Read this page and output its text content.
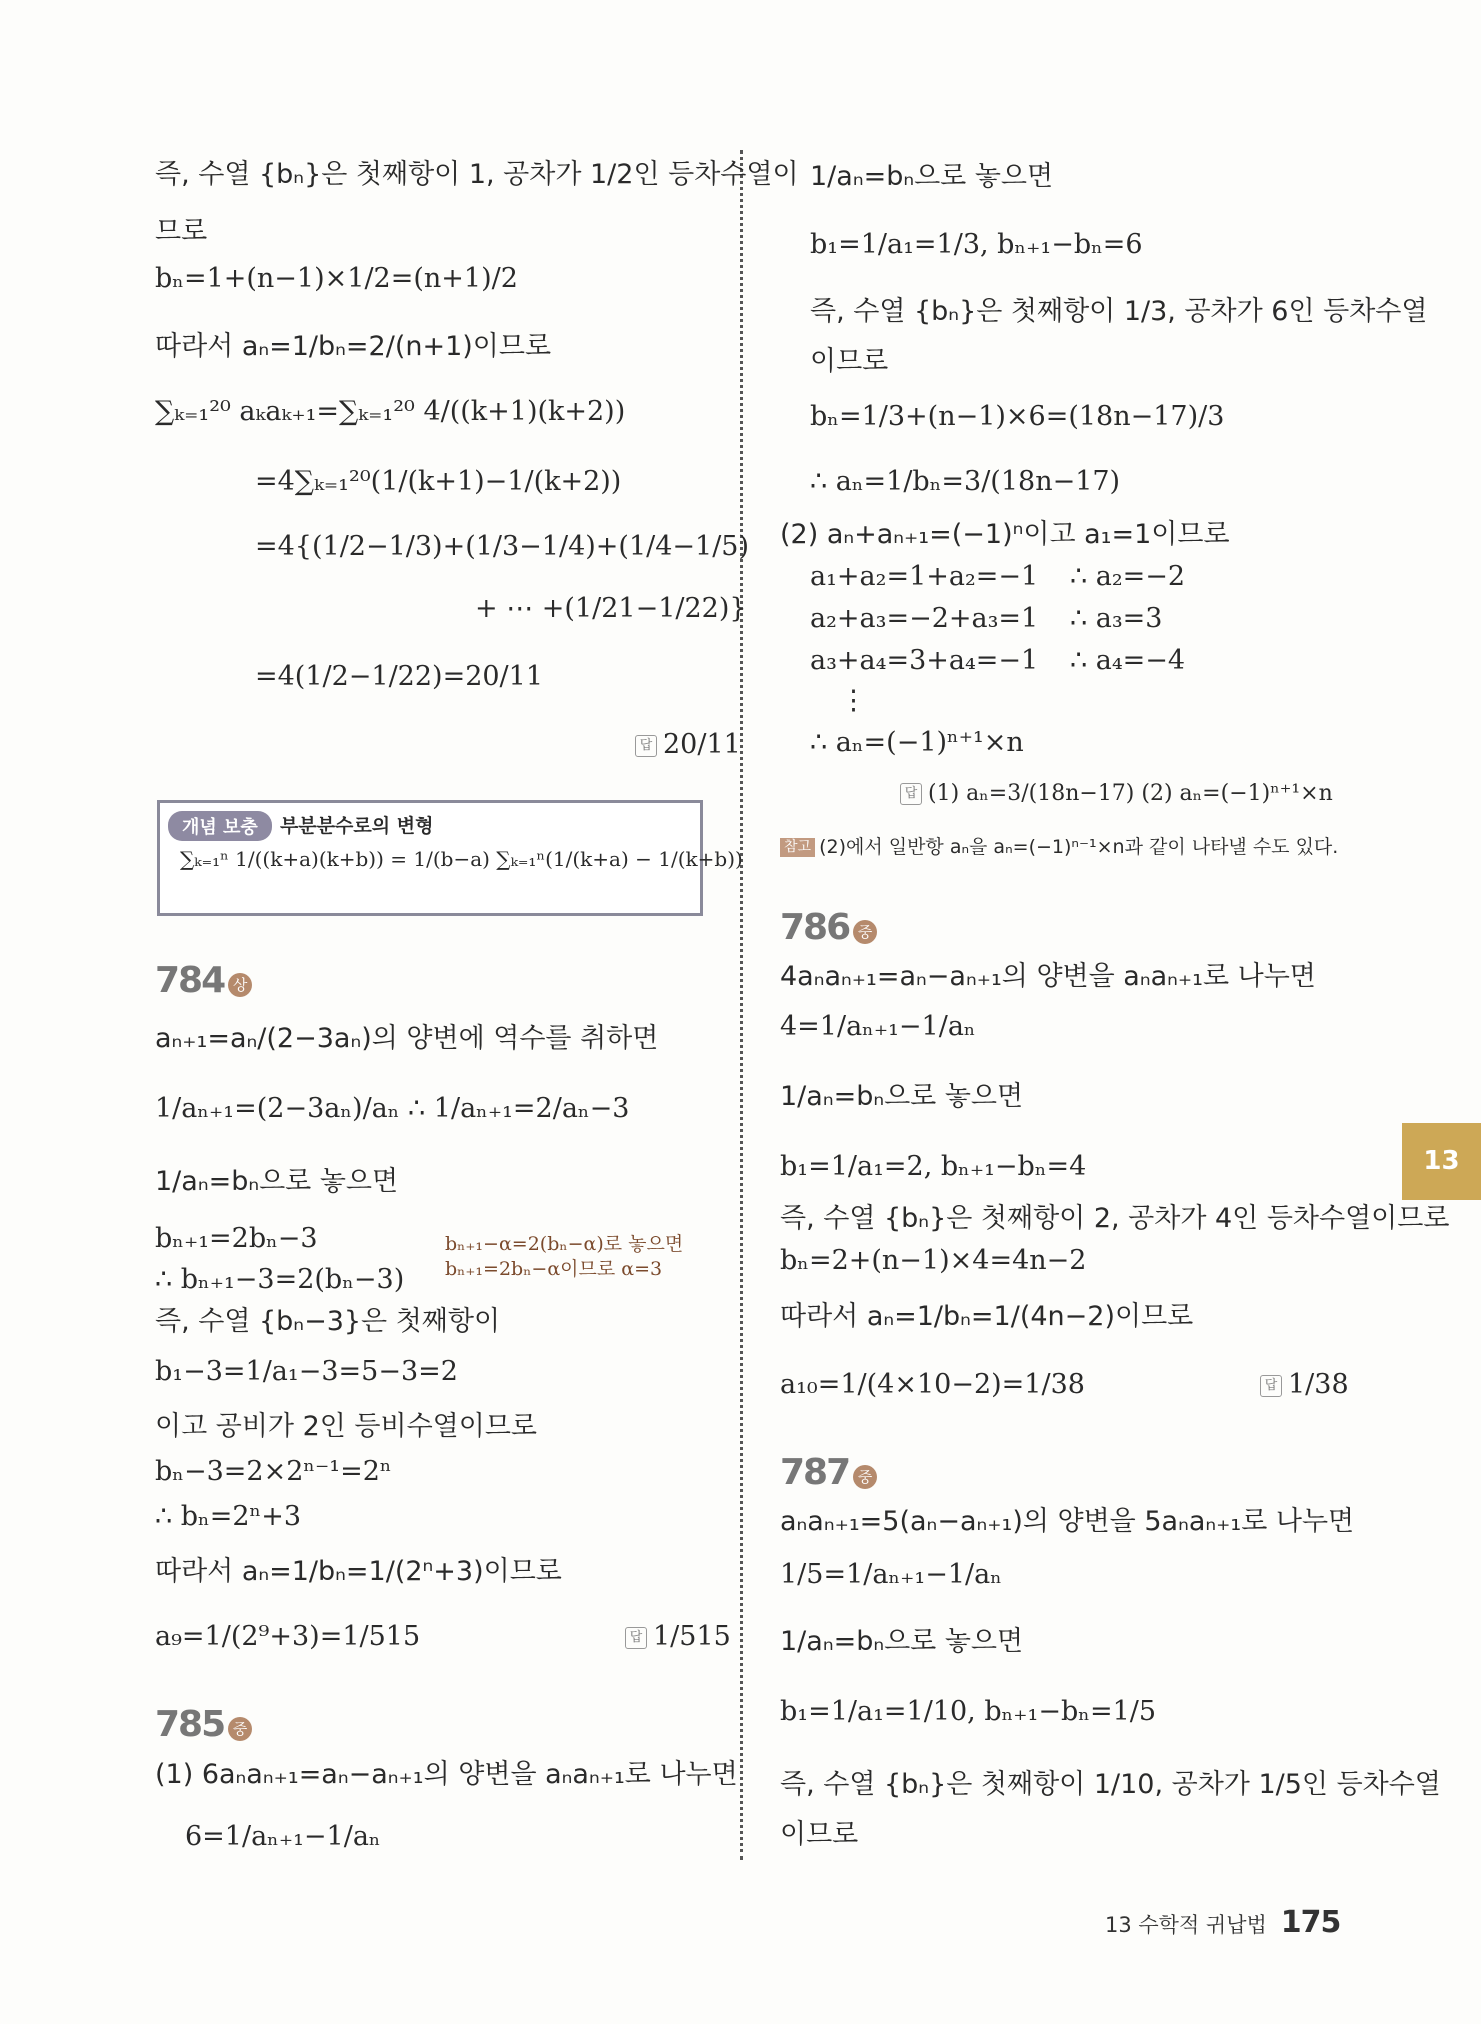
즉, 수열 {bₙ}은 첫째항이 1, 공차가 1/2인 등차수열이
므로
bₙ=1+(n−1)×1/2=(n+1)/2
따라서 aₙ=1/bₙ=2/(n+1)이므로
∑ₖ₌₁²⁰ aₖaₖ₊₁=∑ₖ₌₁²⁰ 4/((k+1)(k+2))
=4∑ₖ₌₁²⁰(1/(k+1)−1/(k+2))
=4{(1/2−1/3)+(1/3−1/4)+(1/4−1/5)
+ ⋯ +(1/21−1/22)}
=4(1/2−1/22)=20/11
답 20/11
784 상
aₙ₊₁=aₙ/(2−3aₙ)의 양변에 역수를 취하면
1/aₙ₊₁=(2−3aₙ)/aₙ ∴ 1/aₙ₊₁=2/aₙ−3
1/aₙ=bₙ으로 놓으면
bₙ₊₁=2bₙ−3
∴ bₙ₊₁−3=2(bₙ−3)
bₙ₊₁−α=2(bₙ−α)로 놓으면
bₙ₊₁=2bₙ−α이므로 α=3
즉, 수열 {bₙ−3}은 첫째항이
b₁−3=1/a₁−3=5−3=2
이고 공비가 2인 등비수열이므로
bₙ−3=2×2ⁿ⁻¹=2ⁿ
∴ bₙ=2ⁿ+3
따라서 aₙ=1/bₙ=1/(2ⁿ+3)이므로
a₉=1/(2⁹+3)=1/515	답 1/515
785 중
(1) 6aₙaₙ₊₁=aₙ−aₙ₊₁의 양변을 aₙaₙ₊₁로 나누면
6=1/aₙ₊₁−1/aₙ
개념 보충	부분분수로의 변형
∑ₖ₌₁ⁿ 1/((k+a)(k+b)) = 1/(b−a) ∑ₖ₌₁ⁿ(1/(k+a) − 1/(k+b))
1/aₙ=bₙ으로 놓으면
b₁=1/a₁=1/3, bₙ₊₁−bₙ=6
즉, 수열 {bₙ}은 첫째항이 1/3, 공차가 6인 등차수열
이므로
bₙ=1/3+(n−1)×6=(18n−17)/3
∴ aₙ=1/bₙ=3/(18n−17)
(2) aₙ+aₙ₊₁=(−1)ⁿ이고 a₁=1이므로
a₁+a₂=1+a₂=−1 ∴ a₂=−2
a₂+a₃=−2+a₃=1 ∴ a₃=3
a₃+a₄=3+a₄=−1 ∴ a₄=−4
⋮
∴ aₙ=(−1)ⁿ⁺¹×n
답 (1) aₙ=3/(18n−17) (2) aₙ=(−1)ⁿ⁺¹×n
참고 (2)에서 일반항 aₙ을 aₙ=(−1)ⁿ⁻¹×n과 같이 나타낼 수도 있다.
786 중
4aₙaₙ₊₁=aₙ−aₙ₊₁의 양변을 aₙaₙ₊₁로 나누면
4=1/aₙ₊₁−1/aₙ
1/aₙ=bₙ으로 놓으면
b₁=1/a₁=2, bₙ₊₁−bₙ=4
즉, 수열 {bₙ}은 첫째항이 2, 공차가 4인 등차수열이므로
bₙ=2+(n−1)×4=4n−2
따라서 aₙ=1/bₙ=1/(4n−2)이므로
a₁₀=1/(4×10−2)=1/38	답 1/38
787 중
aₙaₙ₊₁=5(aₙ−aₙ₊₁)의 양변을 5aₙaₙ₊₁로 나누면
1/5=1/aₙ₊₁−1/aₙ
1/aₙ=bₙ으로 놓으면
b₁=1/a₁=1/10, bₙ₊₁−bₙ=1/5
즉, 수열 {bₙ}은 첫째항이 1/10, 공차가 1/5인 등차수열
이므로
13
13 수학적 귀납법 175
